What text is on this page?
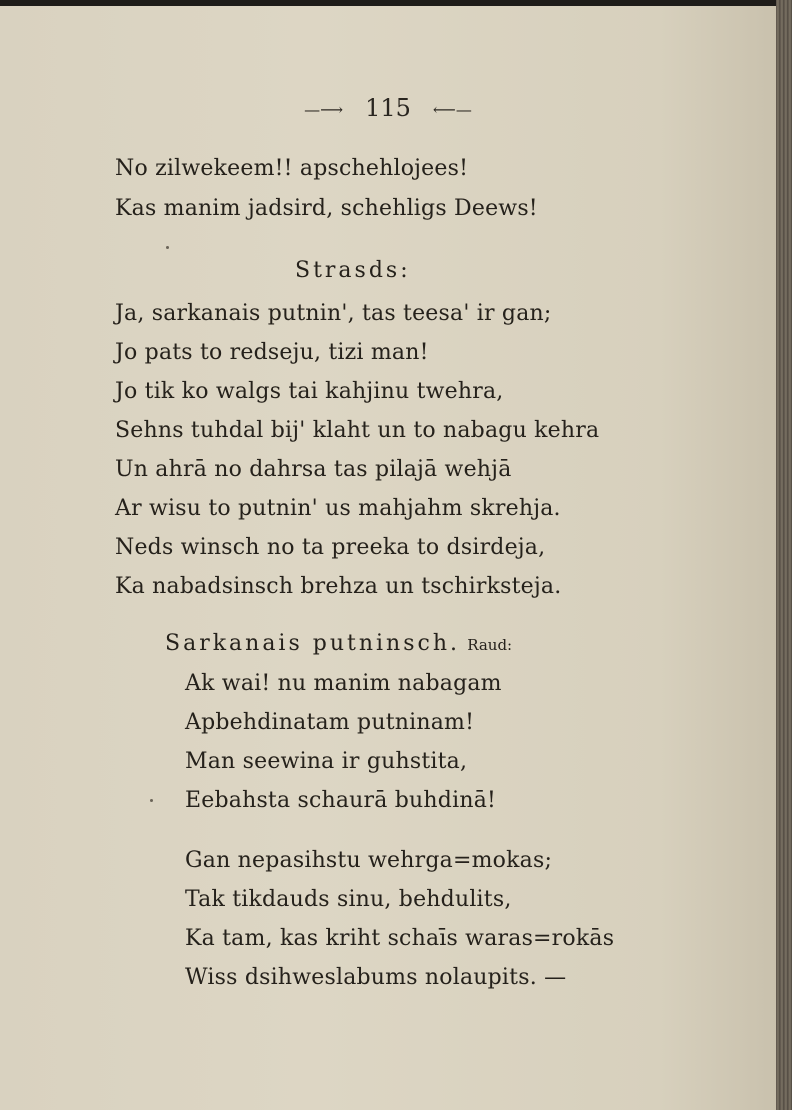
—⟶ 115 ⟵—
No zilwekeem!! apschehlojees!
Kas manim jadsird, schehligs Deews!
Strasds:
Ja, sarkanais putnin', tas teesa' ir gan;
Jo pats to redseju, tizi man!
Jo tik ko walgs tai kahjinu twehra,
Sehns tuhdal bij' klaht un to nabagu kehra
Un ahrā no dahrsa tas pilajā wehjā
Ar wisu to putnin' us mahjahm skrehja.
Neds winsch no ta preeka to dsirdeja,
Ka nabadsinsch brehza un tschirksteja.
Sarkanais putninsch. Raud:
Ak wai! nu manim nabagam
Apbehdinatam putninam!
Man seewina ir guhstita,
Eebahsta schaurā buhdinā!
Gan nepasihstu wehrga=mokas;
Tak tikdauds sinu, behdulits,
Ka tam, kas kriht schaīs waras=rokās
Wiss dsihweslabums nolaupits. —
